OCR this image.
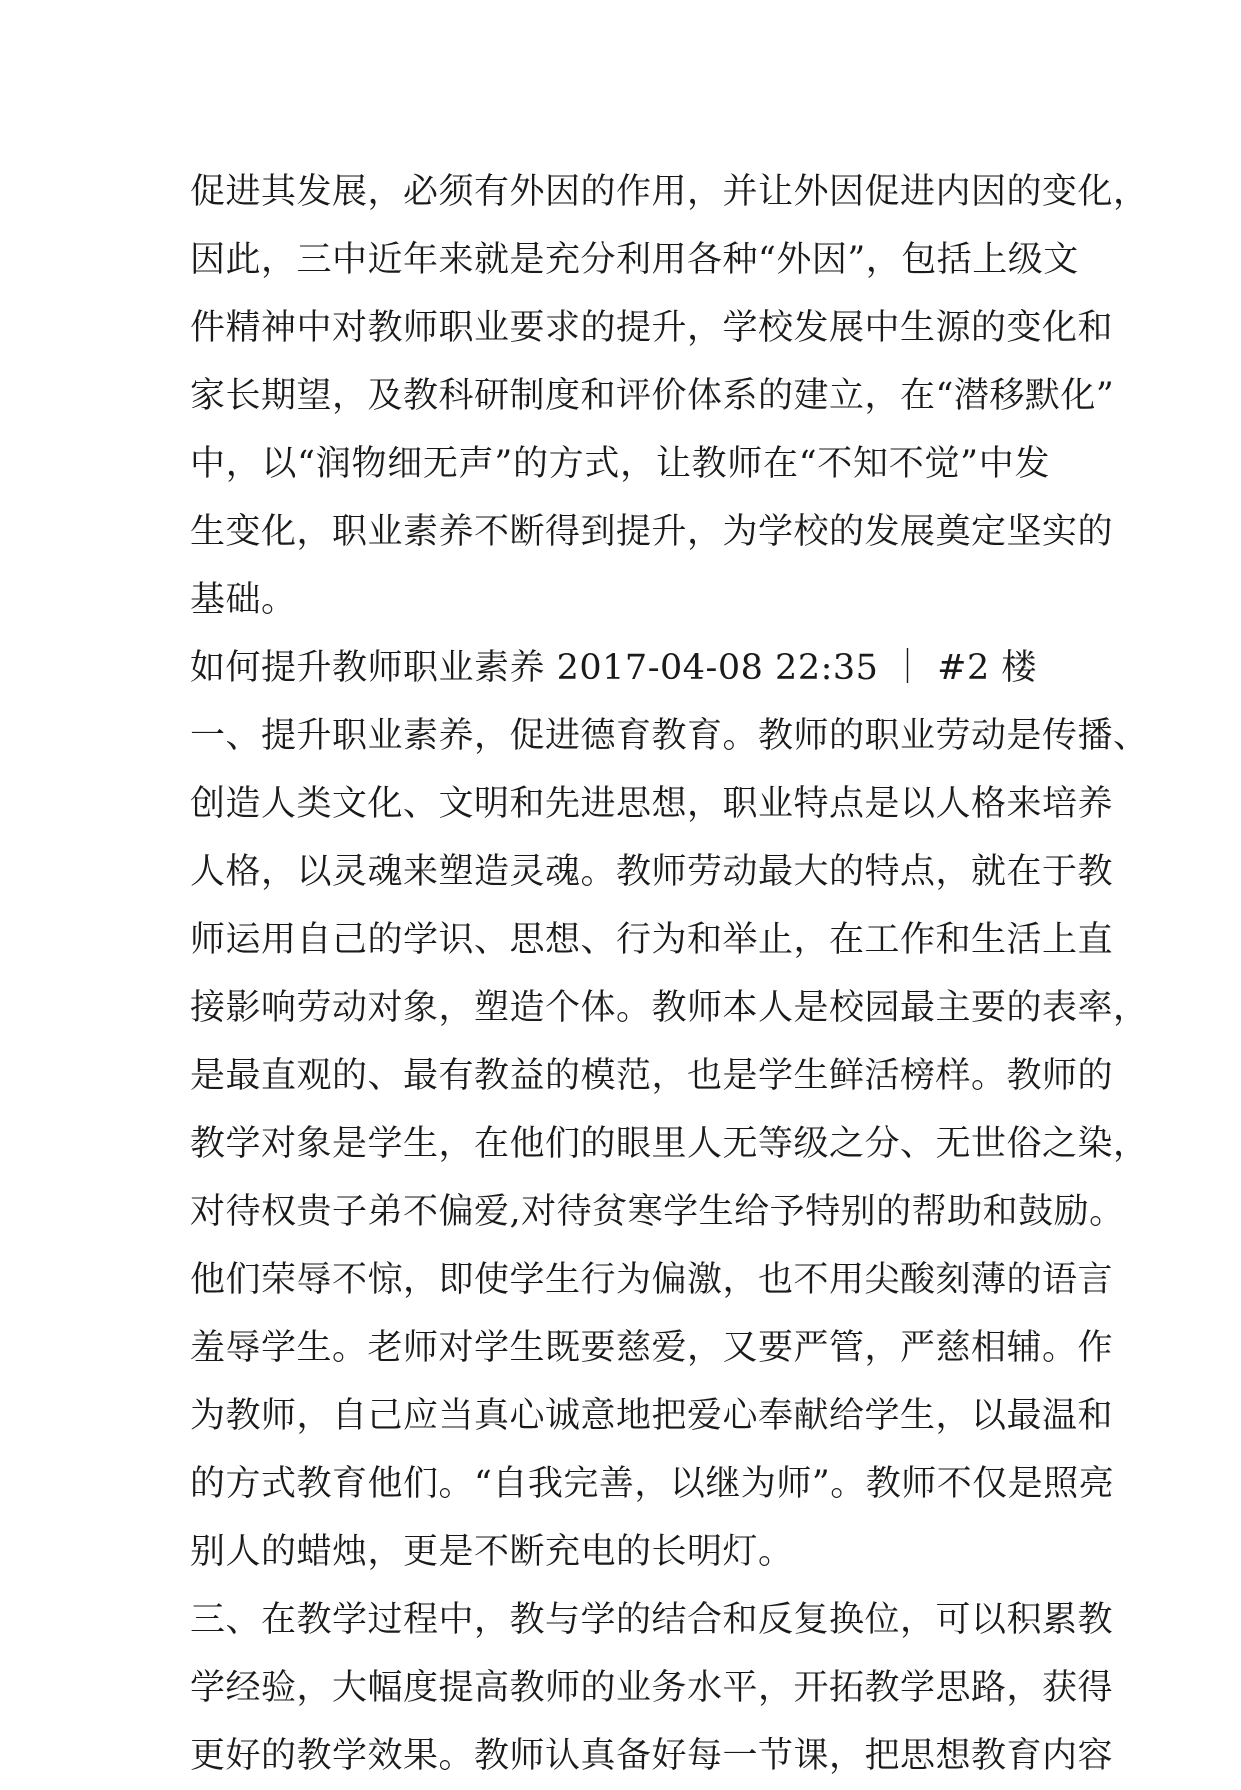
促进其发展，必须有外因的作用，并让外因促进内因的变化，
因此，三中近年来就是充分利用各种“外因”，包括上级文
件精神中对教师职业要求的提升，学校发展中生源的变化和
家长期望，及教科研制度和评价体系的建立，在“潜移默化”
中，以“润物细无声”的方式，让教师在“不知不觉”中发
生变化，职业素养不断得到提升，为学校的发展奠定坚实的
基础。
如何提升教师职业素养 2017-04-08 22:35 ｜ #2 楼
一、提升职业素养，促进德育教育。教师的职业劳动是传播、
创造人类文化、文明和先进思想，职业特点是以人格来培养
人格，以灵魂来塑造灵魂。教师劳动最大的特点，就在于教
师运用自己的学识、思想、行为和举止，在工作和生活上直
接影响劳动对象，塑造个体。教师本人是校园最主要的表率，
是最直观的、最有教益的模范，也是学生鲜活榜样。教师的
教学对象是学生，在他们的眼里人无等级之分、无世俗之染，
对待权贵子弟不偏爱,对待贫寒学生给予特别的帮助和鼓励。
他们荣辱不惊，即使学生行为偏激，也不用尖酸刻薄的语言
羞辱学生。老师对学生既要慈爱，又要严管，严慈相辅。作
为教师，自己应当真心诚意地把爱心奉献给学生，以最温和
的方式教育他们。“自我完善，以继为师”。教师不仅是照亮
别人的蜡烛，更是不断充电的长明灯。
三、在教学过程中，教与学的结合和反复换位，可以积累教
学经验，大幅度提高教师的业务水平，开拓教学思路，获得
更好的教学效果。教师认真备好每一节课，把思想教育内容
